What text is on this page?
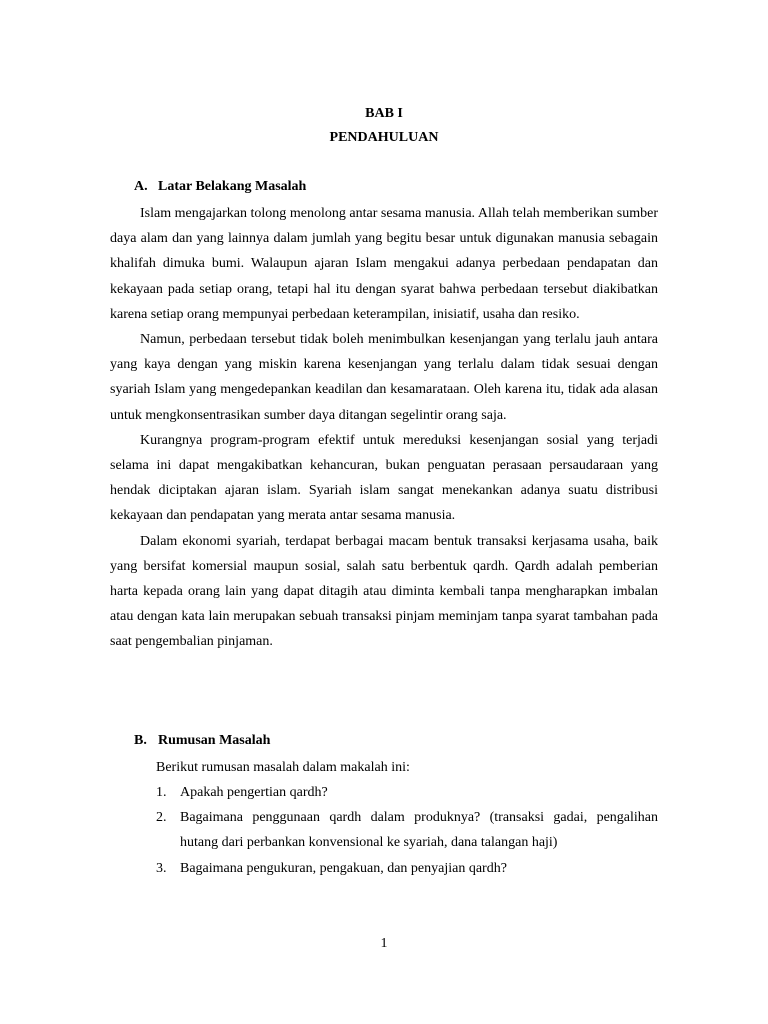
BAB I
PENDAHULUAN
A. Latar Belakang Masalah

Islam mengajarkan tolong menolong antar sesama manusia. Allah telah memberikan sumber daya alam dan yang lainnya dalam jumlah yang begitu besar untuk digunakan manusia sebagain khalifah dimuka bumi. Walaupun ajaran Islam mengakui adanya perbedaan pendapatan dan kekayaan pada setiap orang, tetapi hal itu dengan syarat bahwa perbedaan tersebut diakibatkan karena setiap orang mempunyai perbedaan keterampilan, inisiatif, usaha dan resiko.

Namun, perbedaan tersebut tidak boleh menimbulkan kesenjangan yang terlalu jauh antara yang kaya dengan yang miskin karena kesenjangan yang terlalu dalam tidak sesuai dengan syariah Islam yang mengedepankan keadilan dan kesamarataan. Oleh karena itu, tidak ada alasan untuk mengkonsentrasikan sumber daya ditangan segelintir orang saja.

Kurangnya program-program efektif untuk mereduksi kesenjangan sosial yang terjadi selama ini dapat mengakibatkan kehancuran, bukan penguatan perasaan persaudaraan yang hendak diciptakan ajaran islam. Syariah islam sangat menekankan adanya suatu distribusi kekayaan dan pendapatan yang merata antar sesama manusia.

Dalam ekonomi syariah, terdapat berbagai macam bentuk transaksi kerjasama usaha, baik yang bersifat komersial maupun sosial, salah satu berbentuk qardh. Qardh adalah pemberian harta kepada orang lain yang dapat ditagih atau diminta kembali tanpa mengharapkan imbalan atau dengan kata lain merupakan sebuah transaksi pinjam meminjam tanpa syarat tambahan pada saat pengembalian pinjaman.

B. Rumusan Masalah
Berikut rumusan masalah dalam makalah ini:
1. Apakah pengertian qardh?
2. Bagaimana penggunaan qardh dalam produknya? (transaksi gadai, pengalihan hutang dari perbankan konvensional ke syariah, dana talangan haji)
3. Bagaimana pengukuran, pengakuan, dan penyajian qardh?
1
